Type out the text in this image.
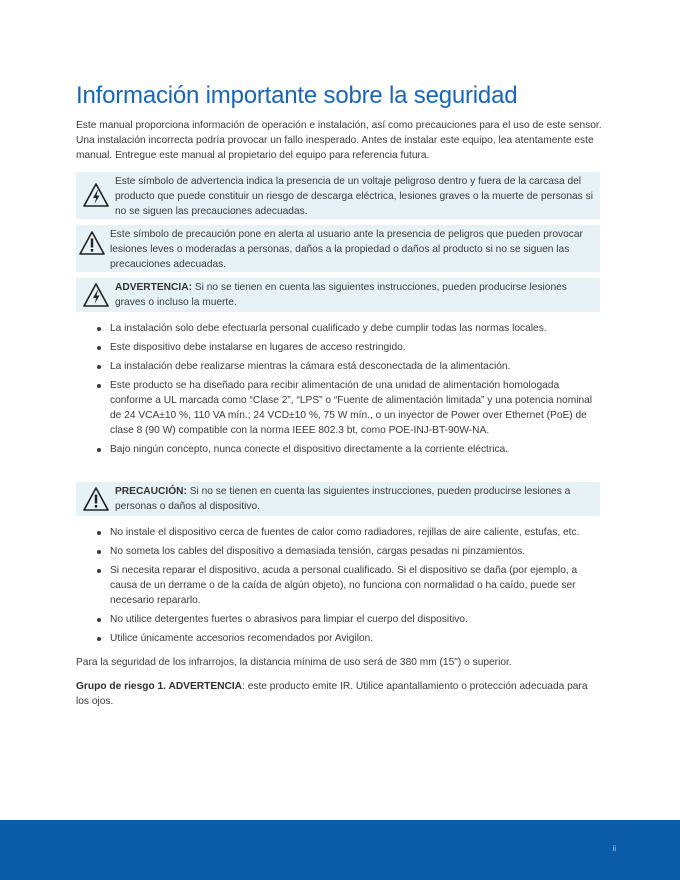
Información importante sobre la seguridad

Este manual proporciona información de operación e instalación, así como precauciones para el uso de este sensor. Una instalación incorrecta podría provocar un fallo inesperado. Antes de instalar este equipo, lea atentamente este manual. Entregue este manual al propietario del equipo para referencia futura.

Este símbolo de advertencia indica la presencia de un voltaje peligroso dentro y fuera de la carcasa del producto que puede constituir un riesgo de descarga eléctrica, lesiones graves o la muerte de personas si no se siguen las precauciones adecuadas.

Este símbolo de precaución pone en alerta al usuario ante la presencia de peligros que pueden provocar lesiones leves o moderadas a personas, daños a la propiedad o daños al producto si no se siguen las precauciones adecuadas.

ADVERTENCIA: Si no se tienen en cuenta las siguientes instrucciones, pueden producirse lesiones graves o incluso la muerte.

La instalación solo debe efectuarla personal cualificado y debe cumplir todas las normas locales.
Este dispositivo debe instalarse en lugares de acceso restringido.
La instalación debe realizarse mientras la cámara está desconectada de la alimentación.
Este producto se ha diseñado para recibir alimentación de una unidad de alimentación homologada conforme a UL marcada como “Clase 2”, “LPS” o “Fuente de alimentación limitada” y una potencia nominal de 24 VCA±10 %, 110 VA mín.; 24 VCD±10 %, 75 W mín., o un inyector de Power over Ethernet (PoE) de clase 8 (90 W) compatible con la norma IEEE 802.3 bt, como POE-INJ-BT-90W-NA.
Bajo ningún concepto, nunca conecte el dispositivo directamente a la corriente eléctrica.

PRECAUCIÓN: Si no se tienen en cuenta las siguientes instrucciones, pueden producirse lesiones a personas o daños al dispositivo.

No instale el dispositivo cerca de fuentes de calor como radiadores, rejillas de aire caliente, estufas, etc.
No someta los cables del dispositivo a demasiada tensión, cargas pesadas ni pinzamientos.
Si necesita reparar el dispositivo, acuda a personal cualificado. Si el dispositivo se daña (por ejemplo, a causa de un derrame o de la caída de algún objeto), no funciona con normalidad o ha caído, puede ser necesario repararlo.
No utilice detergentes fuertes o abrasivos para limpiar el cuerpo del dispositivo.
Utilice únicamente accesorios recomendados por Avigilon.

Para la seguridad de los infrarrojos, la distancia mínima de uso será de 380 mm (15") o superior.

Grupo de riesgo 1. ADVERTENCIA: este producto emite IR. Utilice apantallamiento o protección adecuada para los ojos.

ii
